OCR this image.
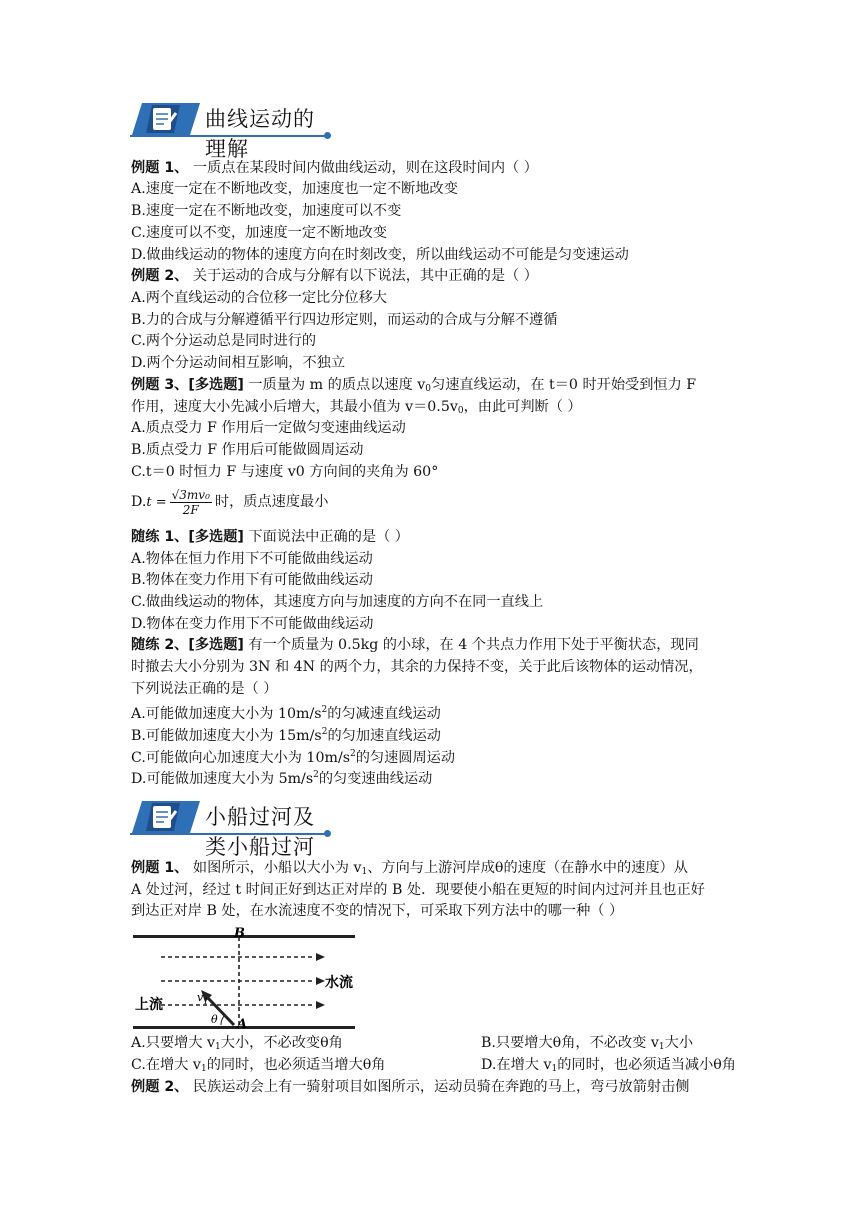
曲线运动的理解
例题 1、 一质点在某段时间内做曲线运动，则在这段时间内（ ）
A.速度一定在不断地改变，加速度也一定不断地改变
B.速度一定在不断地改变，加速度可以不变
C.速度可以不变，加速度一定不断地改变
D.做曲线运动的物体的速度方向在时刻改变，所以曲线运动不可能是匀变速运动
例题 2、 关于运动的合成与分解有以下说法，其中正确的是（ ）
A.两个直线运动的合位移一定比分位移大
B.力的合成与分解遵循平行四边形定则，而运动的合成与分解不遵循
C.两个分运动总是同时进行的
D.两个分运动间相互影响，不独立
例题 3、[多选题] 一质量为 m 的质点以速度 $v_0$匀速直线运动，在 t＝0 时开始受到恒力 F
作用，速度大小先减小后增大，其最小值为 $v=0.5v_0$，由此可判断（ ）
A.质点受力 F 作用后一定做匀变速曲线运动
B.质点受力 F 作用后可能做圆周运动
C.t＝0 时恒力 F 与速度 v0 方向间的夹角为 60°
$D.t = \frac{\text{√3mv₀}}{2F}$ 时，质点速度最小
随练 1、[多选题] 下面说法中正确的是（ ）
A.物体在恒力作用下不可能做曲线运动
B.物体在变力作用下有可能做曲线运动
C.做曲线运动的物体，其速度方向与加速度的方向不在同一直线上
D.物体在变力作用下不可能做曲线运动
随练 2、[多选题] 有一个质量为 0.5kg 的小球，在 4 个共点力作用下处于平衡状态，现同
时撤去大小分别为 3N 和 4N 的两个力，其余的力保持不变，关于此后该物体的运动情况，
下列说法正确的是（ ）
A.可能做加速度大小为 $10m/s^2$的匀减速直线运动
B.可能做加速度大小为 $15m/s^2$的匀加速直线运动
C.可能做向心加速度大小为 $10m/s^2$的匀速圆周运动
D.可能做加速度大小为 $5m/s^2$的匀变速曲线运动
小船过河及类小船过河
例题 1、 如图所示，小船以大小为 $v_1$、方向与上游河岸成θ的速度（在静水中的速度）从
A 处过河，经过 t 时间正好到达正对岸的 B 处．现要使小船在更短的时间内过河并且也正好
到达正对岸 B 处，在水流速度不变的情况下，可采取下列方法中的哪一种（ ）
B
A
水流
上流	$v_1$
θ
A.只要增大 $v_1$大小，不必改变θ角	B.只要增大θ角，不必改变 $v_1$大小
C.在增大 $v_1$的同时，也必须适当增大θ角	D.在增大 $v_1$的同时，也必须适当减小θ角
例题 2、 民族运动会上有一骑射项目如图所示，运动员骑在奔跑的马上，弯弓放箭射击侧
